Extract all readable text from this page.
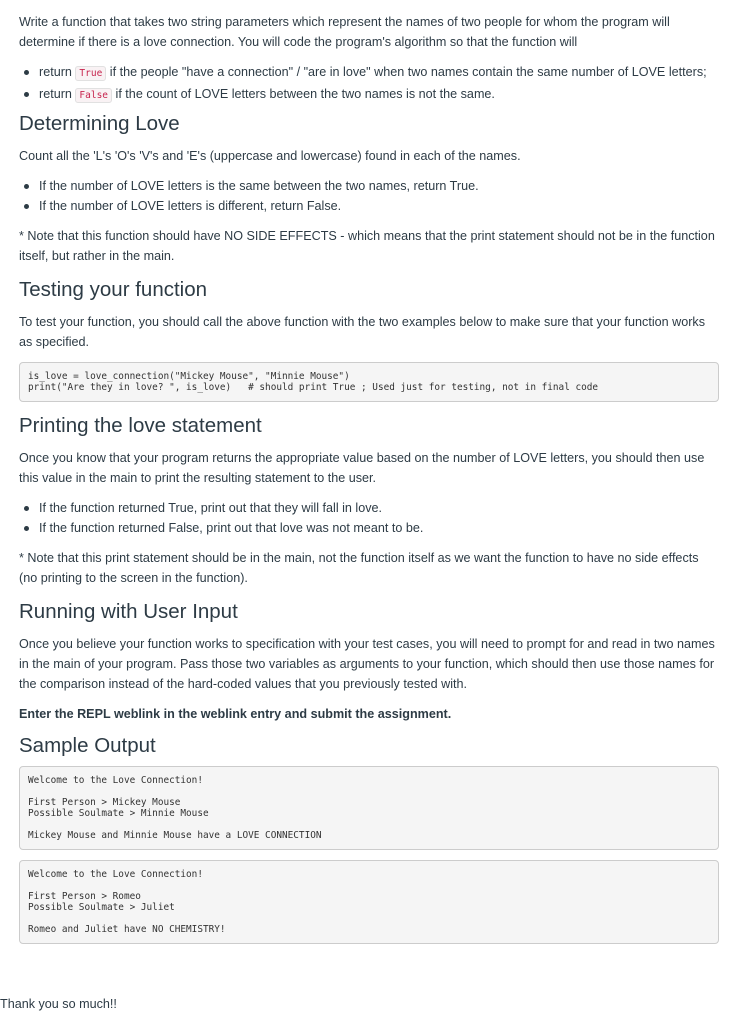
Write a function that takes two string parameters which represent the names of two people for whom the program will determine if there is a love connection. You will code the program's algorithm so that the function will

return True if the people "have a connection" / "are in love" when two names contain the same number of LOVE letters;
return False if the count of LOVE letters between the two names is not the same.
Determining Love

Count all the 'L's 'O's 'V's and 'E's (uppercase and lowercase) found in each of the names.

If the number of LOVE letters is the same between the two names, return True.
If the number of LOVE letters is different, return False.

* Note that this function should have NO SIDE EFFECTS - which means that the print statement should not be in the function itself, but rather in the main.

Testing your function

To test your function, you should call the above function with the two examples below to make sure that your function works as specified.

is_love = love_connection("Mickey Mouse", "Minnie Mouse")
print("Are they in love? ", is_love)   # should print True ; Used just for testing, not in final code
Printing the love statement

Once you know that your program returns the appropriate value based on the number of LOVE letters, you should then use this value in the main to print the resulting statement to the user.

If the function returned True, print out that they will fall in love.
If the function returned False, print out that love was not meant to be.

* Note that this print statement should be in the main, not the function itself as we want the function to have no side effects (no printing to the screen in the function).

Running with User Input

Once you believe your function works to specification with your test cases, you will need to prompt for and read in two names in the main of your program. Pass those two variables as arguments to your function, which should then use those names for the comparison instead of the hard-coded values that you previously tested with.

Enter the REPL weblink in the weblink entry and submit the assignment.

Sample Output
Welcome to the Love Connection!
First Person > Mickey Mouse
Possible Soulmate > Minnie Mouse
Mickey Mouse and Minnie Mouse have a LOVE CONNECTION
Welcome to the Love Connection!
First Person > Romeo
Possible Soulmate > Juliet
Romeo and Juliet have NO CHEMISTRY!
Thank you so much!!
